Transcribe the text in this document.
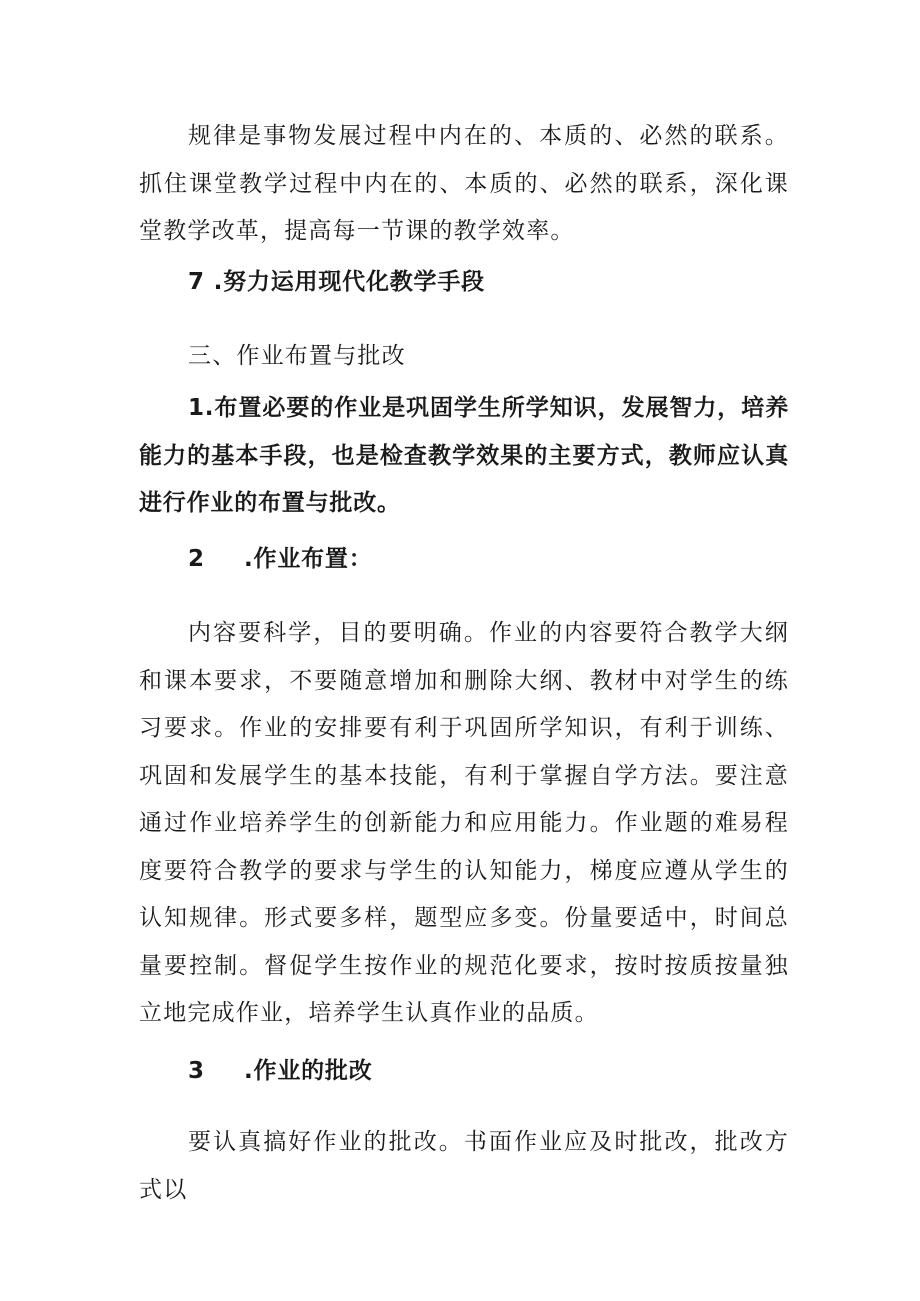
规律是事物发展过程中内在的、本质的、必然的联系。抓住课堂教学过程中内在的、本质的、必然的联系，深化课堂教学改革，提高每一节课的教学效率。

7 .努力运用现代化教学手段

三、作业布置与批改

1.布置必要的作业是巩固学生所学知识，发展智力，培养能力的基本手段，也是检查教学效果的主要方式，教师应认真进行作业的布置与批改。

2 .作业布置：

内容要科学，目的要明确。作业的内容要符合教学大纲和课本要求，不要随意增加和删除大纲、教材中对学生的练习要求。作业的安排要有利于巩固所学知识，有利于训练、巩固和发展学生的基本技能，有利于掌握自学方法。要注意通过作业培养学生的创新能力和应用能力。作业题的难易程度要符合教学的要求与学生的认知能力，梯度应遵从学生的认知规律。形式要多样，题型应多变。份量要适中，时间总量要控制。督促学生按作业的规范化要求，按时按质按量独立地完成作业，培养学生认真作业的品质。

3 .作业的批改

要认真搞好作业的批改。书面作业应及时批改，批改方式以
